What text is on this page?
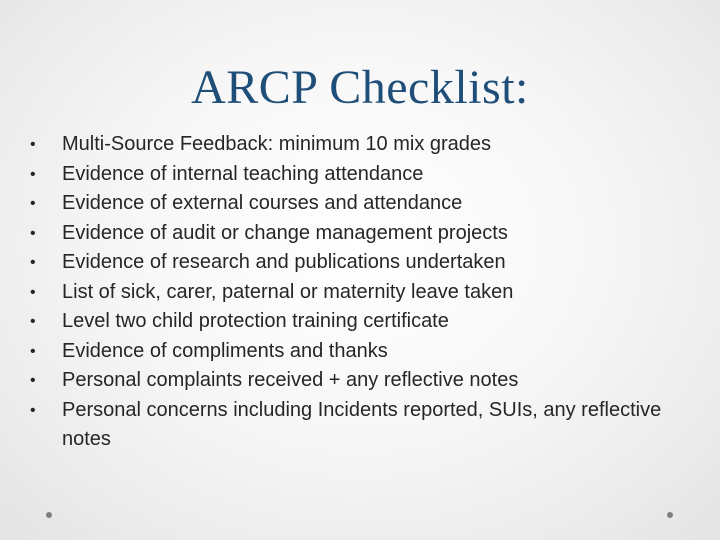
ARCP Checklist:
•	Multi-Source Feedback: minimum 10 mix grades
•	Evidence of internal teaching attendance
•	Evidence of external courses and attendance
•	Evidence of audit or change management projects
•	Evidence of research and publications undertaken
•	List of sick, carer, paternal or maternity leave taken
•	Level two child protection training certificate
•	Evidence of compliments and thanks
•	Personal complaints received + any reflective notes
•	Personal concerns including Incidents reported, SUIs, any reflective notes
